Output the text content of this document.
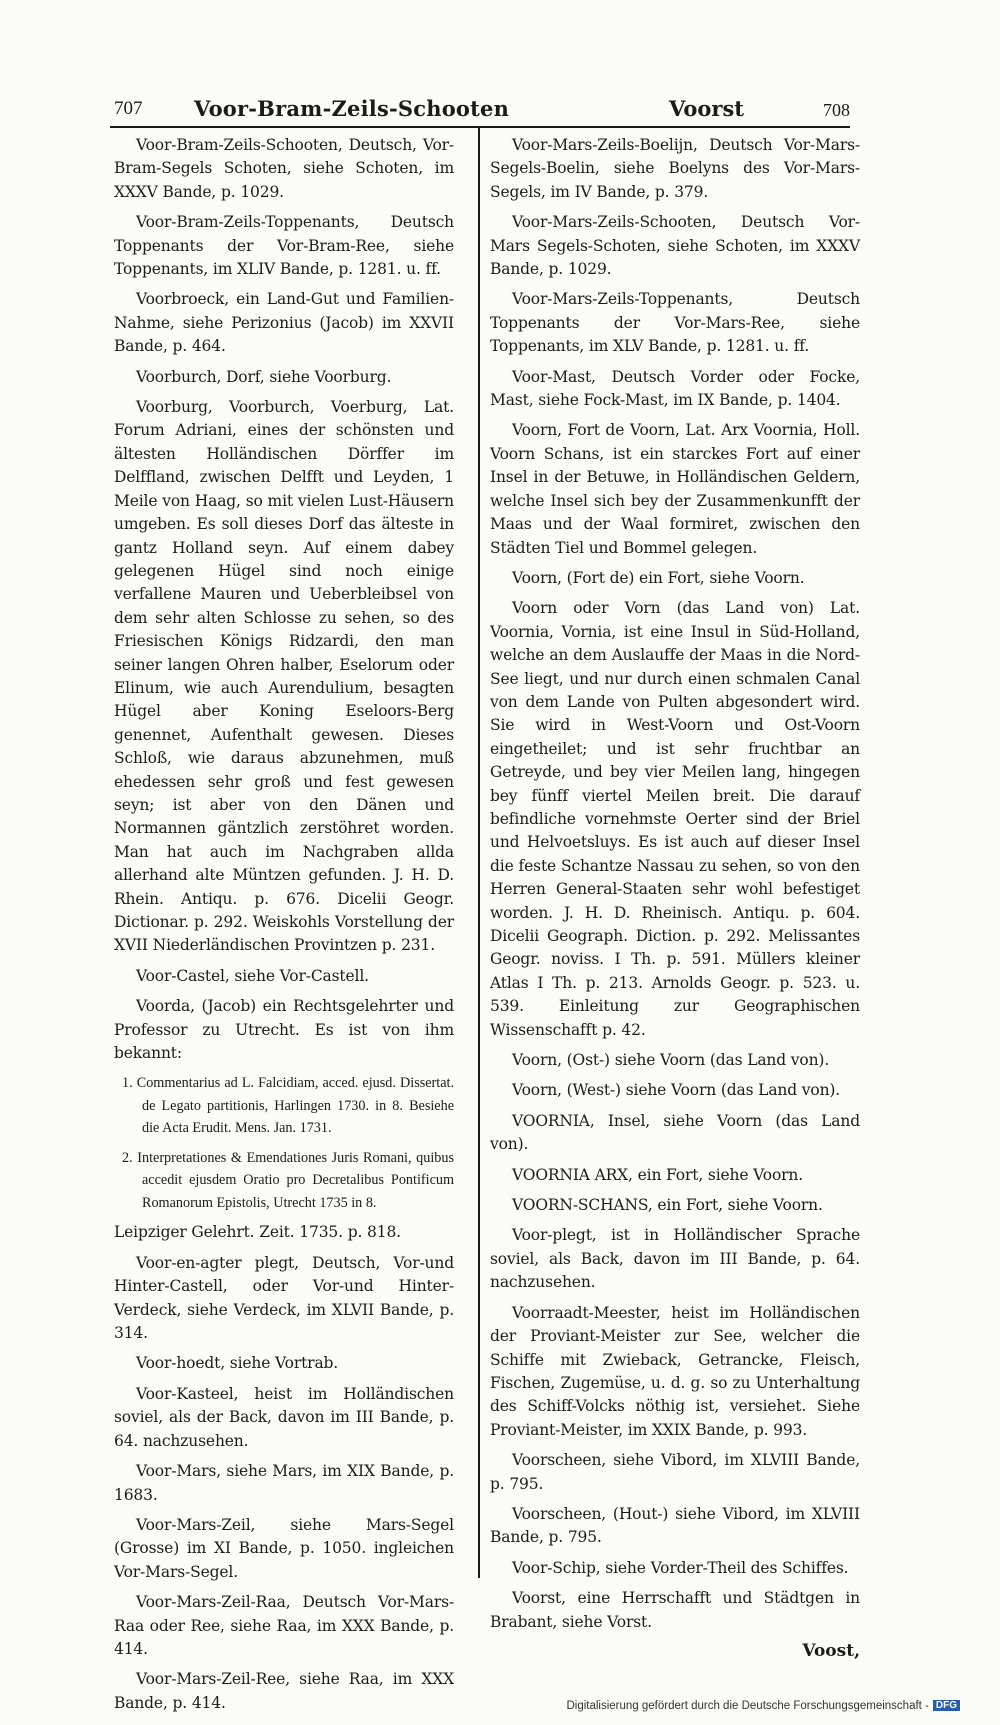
707 Voor-Bram-Zeils-Schooten	Voorst	708

Voor-Bram-Zeils-Schooten, Deutsch, Vor-Bram-Segels Schoten, siehe Schoten, im XXXV Bande, p. 1029.

Voor-Bram-Zeils-Toppenants, Deutsch Toppenants der Vor-Bram-Ree, siehe Toppenants, im XLIV Bande, p. 1281. u. ff.

Voorbroeck, ein Land-Gut und Familien-Nahme, siehe Perizonius (Jacob) im XXVII Bande, p. 464.

Voorburch, Dorf, siehe Voorburg.

Voorburg, Voorburch, Voerburg, Lat. Forum Adriani, eines der schönsten und ältesten Holländischen Dörffer im Delffland, zwischen Delfft und Leyden, 1 Meile von Haag, so mit vielen Lust-Häusern umgeben. Es soll dieses Dorf das älteste in gantz Holland seyn. Auf einem dabey gelegenen Hügel sind noch einige verfallene Mauren und Ueberbleibsel von dem sehr alten Schlosse zu sehen, so des Friesischen Königs Ridzardi, den man seiner langen Ohren halber, Eselorum oder Elinum, wie auch Aurendulium, besagten Hügel aber Koning Eseloors-Berg genennet, Aufenthalt gewesen. Dieses Schloß, wie daraus abzunehmen, muß ehedessen sehr groß und fest gewesen seyn; ist aber von den Dänen und Normannen gäntzlich zerstöhret worden. Man hat auch im Nachgraben allda allerhand alte Müntzen gefunden. J. H. D. Rhein. Antiqu. p. 676. Dicelii Geogr. Dictionar. p. 292. Weiskohls Vorstellung der XVII Niederländischen Provintzen p. 231.

Voor-Castel, siehe Vor-Castell.

Voorda, (Jacob) ein Rechtsgelehrter und Professor zu Utrecht. Es ist von ihm bekannt:

1. Commentarius ad L. Falcidiam, acced. ejusd. Dissertat. de Legato partitionis, Harlingen 1730. in 8. Besiehe die Acta Erudit. Mens. Jan. 1731.

2. Interpretationes & Emendationes Juris Romani, quibus accedit ejusdem Oratio pro Decretalibus Pontificum Romanorum Epistolis, Utrecht 1735 in 8.

Leipziger Gelehrt. Zeit. 1735. p. 818.

Voor-en-agter plegt, Deutsch, Vor-und Hinter-Castell, oder Vor-und Hinter-Verdeck, siehe Verdeck, im XLVII Bande, p. 314.

Voor-hoedt, siehe Vortrab.

Voor-Kasteel, heist im Holländischen soviel, als der Back, davon im III Bande, p. 64. nachzusehen.

Voor-Mars, siehe Mars, im XIX Bande, p. 1683.

Voor-Mars-Zeil, siehe Mars-Segel (Grosse) im XI Bande, p. 1050. ingleichen Vor-Mars-Segel.

Voor-Mars-Zeil-Raa, Deutsch Vor-Mars-Raa oder Ree, siehe Raa, im XXX Bande, p. 414.

Voor-Mars-Zeil-Ree, siehe Raa, im XXX Bande, p. 414.

Voor-Mars-Zeils-Boelijn, Deutsch Vor-Mars-Segels-Boelin, siehe Boelyns des Vor-Mars-Segels, im IV Bande, p. 379.

Voor-Mars-Zeils-Schooten, Deutsch Vor-Mars Segels-Schoten, siehe Schoten, im XXXV Bande, p. 1029.

Voor-Mars-Zeils-Toppenants, Deutsch Toppenants der Vor-Mars-Ree, siehe Toppenants, im XLV Bande, p. 1281. u. ff.

Voor-Mast, Deutsch Vorder oder Focke, Mast, siehe Fock-Mast, im IX Bande, p. 1404.

Voorn, Fort de Voorn, Lat. Arx Voornia, Holl. Voorn Schans, ist ein starckes Fort auf einer Insel in der Betuwe, in Holländischen Geldern, welche Insel sich bey der Zusammenkunfft der Maas und der Waal formiret, zwischen den Städten Tiel und Bommel gelegen.

Voorn, (Fort de) ein Fort, siehe Voorn.

Voorn oder Vorn (das Land von) Lat. Voornia, Vornia, ist eine Insul in Süd-Holland, welche an dem Auslauffe der Maas in die Nord-See liegt, und nur durch einen schmalen Canal von dem Lande von Pulten abgesondert wird. Sie wird in West-Voorn und Ost-Voorn eingetheilet; und ist sehr fruchtbar an Getreyde, und bey vier Meilen lang, hingegen bey fünff viertel Meilen breit. Die darauf befindliche vornehmste Oerter sind der Briel und Helvoetsluys. Es ist auch auf dieser Insel die feste Schantze Nassau zu sehen, so von den Herren General-Staaten sehr wohl befestiget worden. J. H. D. Rheinisch. Antiqu. p. 604. Dicelii Geograph. Diction. p. 292. Melissantes Geogr. noviss. I Th. p. 591. Müllers kleiner Atlas I Th. p. 213. Arnolds Geogr. p. 523. u. 539. Einleitung zur Geographischen Wissenschafft p. 42.

Voorn, (Ost-) siehe Voorn (das Land von).

Voorn, (West-) siehe Voorn (das Land von).

VOORNIA, Insel, siehe Voorn (das Land von).

VOORNIA ARX, ein Fort, siehe Voorn.

VOORN-SCHANS, ein Fort, siehe Voorn.

Voor-plegt, ist in Holländischer Sprache soviel, als Back, davon im III Bande, p. 64. nachzusehen.

Voorraadt-Meester, heist im Holländischen der Proviant-Meister zur See, welcher die Schiffe mit Zwieback, Getrancke, Fleisch, Fischen, Zugemüse, u. d. g. so zu Unterhaltung des Schiff-Volcks nöthig ist, versiehet. Siehe Proviant-Meister, im XXIX Bande, p. 993.

Voorscheen, siehe Vibord, im XLVIII Bande, p. 795.

Voorscheen, (Hout-) siehe Vibord, im XLVIII Bande, p. 795.

Voor-Schip, siehe Vorder-Theil des Schiffes.

Voorst, eine Herrschafft und Städtgen in Brabant, siehe Vorst.

Voost,
Digitalisierung gefördert durch die Deutsche Forschungsgemeinschaft - DFG
